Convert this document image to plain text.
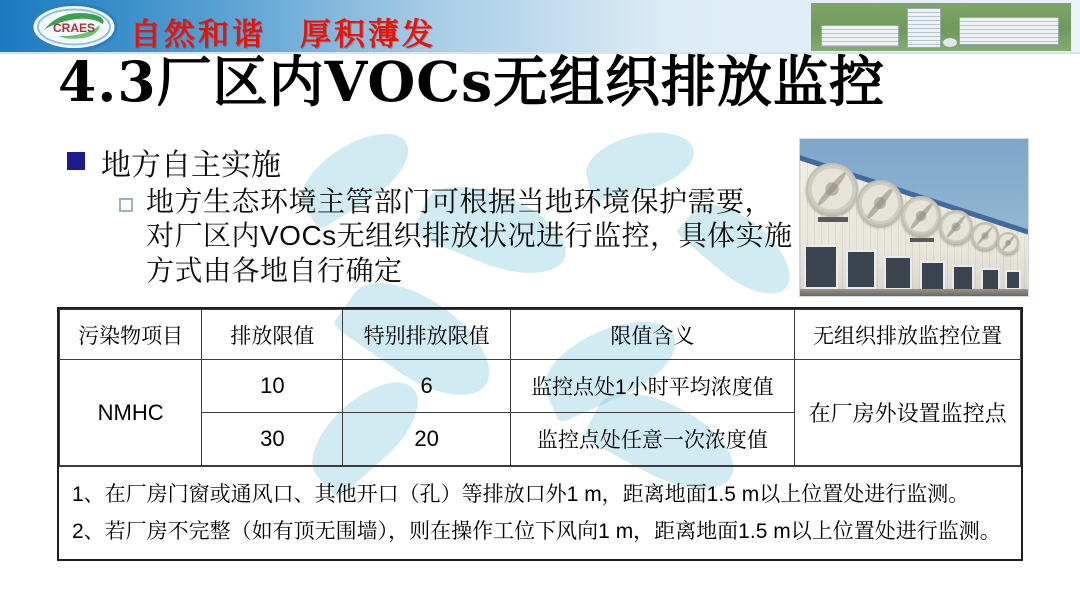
CRAES 自然和谐　厚积薄发
4.3厂区内VOCs无组织排放监控
地方自主实施
地方生态环境主管部门可根据当地环境保护需要，对厂区内VOCs无组织排放状况进行监控，具体实施方式由各地自行确定
污染物项目	排放限值	特别排放限值	限值含义	无组织排放监控位置
NMHC	10	6	监控点处1小时平均浓度值	在厂房外设置监控点
	30	20	监控点处任意一次浓度值	

1、在厂房门窗或通风口、其他开口（孔）等排放口外1 m，距离地面1.5 m以上位置处进行监测。

2、若厂房不完整（如有顶无围墙），则在操作工位下风向1 m，距离地面1.5 m以上位置处进行监测。
